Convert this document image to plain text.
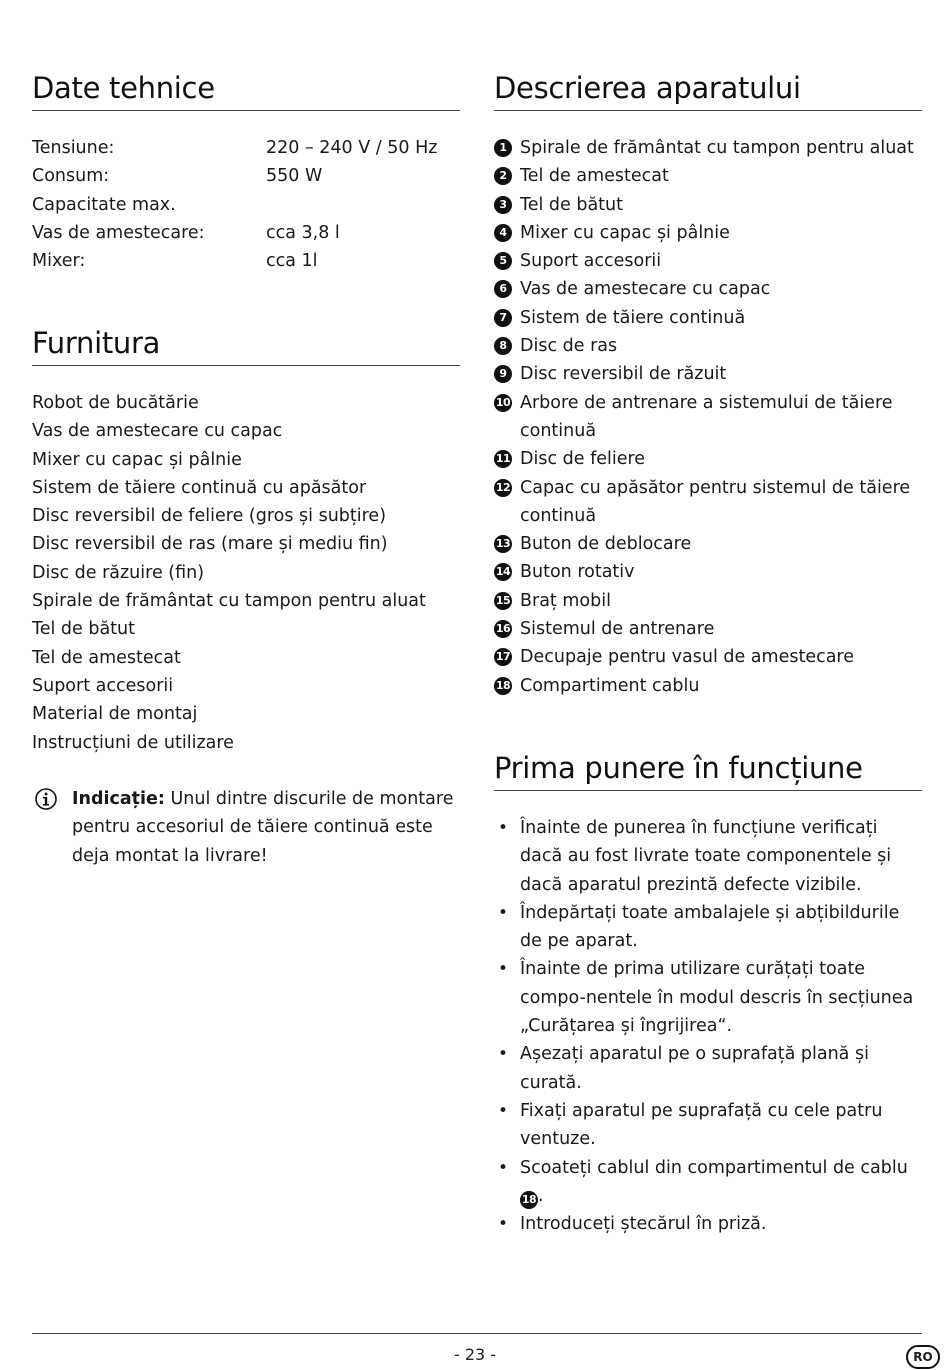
Date tehnice
Tensiune:	220 – 240 V / 50 Hz
Consum:	550 W
Capacitate max.
Vas de amestecare:	cca 3,8 l
Mixer:	cca 1l
Furnitura
Robot de bucătărie
Vas de amestecare cu capac
Mixer cu capac și pâlnie
Sistem de tăiere continuă cu apăsător
Disc reversibil de feliere (gros și subțire)
Disc reversibil de ras (mare și mediu fin)
Disc de răzuire (fin)
Spirale de frământat cu tampon pentru aluat
Tel de bătut
Tel de amestecat
Suport accesorii
Material de montaj
Instrucțiuni de utilizare
Indicație: Unul dintre discurile de montare pentru accesoriul de tăiere continuă este deja montat la livrare!
Descrierea aparatului
1 Spirale de frământat cu tampon pentru aluat
2 Tel de amestecat
3 Tel de bătut
4 Mixer cu capac și pâlnie
5 Suport accesorii
6 Vas de amestecare cu capac
7 Sistem de tăiere continuă
8 Disc de ras
9 Disc reversibil de răzuit
10 Arbore de antrenare a sistemului de tăiere continuă
11 Disc de feliere
12 Capac cu apăsător pentru sistemul de tăiere continuă
13 Buton de deblocare
14 Buton rotativ
15 Braț mobil
16 Sistemul de antrenare
17 Decupaje pentru vasul de amestecare
18 Compartiment cablu
Prima punere în funcțiune
• Înainte de punerea în funcțiune verificați dacă au fost livrate toate componentele și dacă aparatul prezintă defecte vizibile.
• Îndepărtați toate ambalajele și abțibildurile de pe aparat.
• Înainte de prima utilizare curățați toate compo-nentele în modul descris în secțiunea „Curățarea și îngrijirea“.
• Așezați aparatul pe o suprafață plană și curată.
• Fixați aparatul pe suprafață cu cele patru ventuze.
• Scoateți cablul din compartimentul de cablu 18 .
• Introduceți ștecărul în priză.
- 23 -	RO
